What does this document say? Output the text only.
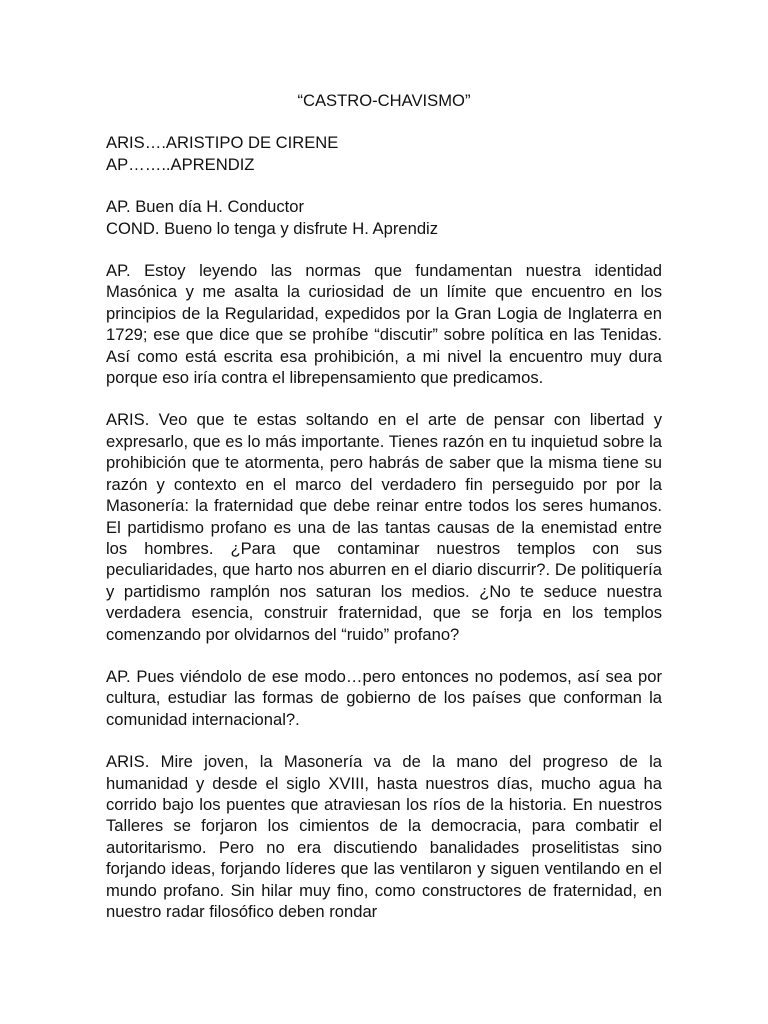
“CASTRO-CHAVISMO”

ARIS….ARISTIPO DE CIRENE

AP……..APRENDIZ

AP. Buen día H. Conductor

COND. Bueno lo tenga y disfrute H. Aprendiz

AP. Estoy leyendo las normas que fundamentan nuestra identidad Masónica y me asalta la curiosidad de un límite que encuentro en los principios de la Regularidad, expedidos por la Gran Logia de Inglaterra en 1729; ese que dice que se prohíbe “discutir” sobre política en las Tenidas. Así como está escrita esa prohibición, a mi nivel la encuentro muy dura porque eso iría contra el librepensamiento que predicamos.

ARIS. Veo que te estas soltando en el arte de pensar con libertad y expresarlo, que es lo más importante. Tienes razón en tu inquietud sobre la prohibición que te atormenta, pero habrás de saber que la misma tiene su razón y contexto en el marco del verdadero fin perseguido por por la Masonería: la fraternidad que debe reinar entre todos los seres humanos. El partidismo profano es una de las tantas causas de la enemistad entre los hombres. ¿Para que contaminar nuestros templos con sus peculiaridades, que harto nos aburren en el diario discurrir?. De politiquería y partidismo ramplón nos saturan los medios. ¿No te seduce nuestra verdadera esencia, construir fraternidad, que se forja en los templos comenzando por olvidarnos del “ruido” profano?

AP. Pues viéndolo de ese modo…pero entonces no podemos, así sea por cultura, estudiar las formas de gobierno de los países que conforman la comunidad internacional?.

ARIS. Mire joven, la Masonería va de la mano del progreso de la humanidad y desde el siglo XVIII, hasta nuestros días, mucho agua ha corrido bajo los puentes que atraviesan los ríos de la historia. En nuestros Talleres se forjaron los cimientos de la democracia, para combatir el autoritarismo. Pero no era discutiendo banalidades proselitistas sino forjando ideas, forjando líderes que las ventilaron y siguen ventilando en el mundo profano. Sin hilar muy fino, como constructores de fraternidad, en nuestro radar filosófico deben rondar
